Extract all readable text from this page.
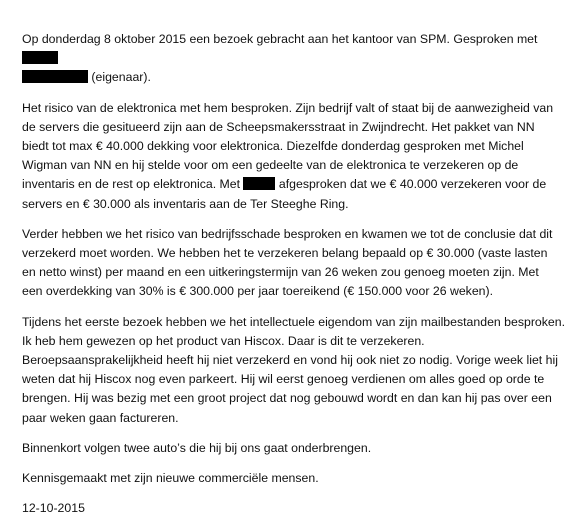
Op donderdag 8 oktober 2015 een bezoek gebracht aan het kantoor van SPM. Gesproken met
(eigenaar).

Het risico van de elektronica met hem besproken. Zijn bedrijf valt of staat bij de aanwezigheid van de servers die gesitueerd zijn aan de Scheepsmakersstraat in Zwijndrecht. Het pakket van NN biedt tot max € 40.000 dekking voor elektronica. Diezelfde donderdag gesproken met Michel Wigman van NN en hij stelde voor om een gedeelte van de elektronica te verzekeren op de inventaris en de rest op elektronica. Met	afgesproken dat we € 40.000 verzekeren voor de servers en € 30.000 als inventaris aan de Ter Steeghe Ring.

Verder hebben we het risico van bedrijfsschade besproken en kwamen we tot de conclusie dat dit verzekerd moet worden. We hebben het te verzekeren belang bepaald op € 30.000 (vaste lasten en netto winst) per maand en een uitkeringstermijn van 26 weken zou genoeg moeten zijn. Met een overdekking van 30% is € 300.000 per jaar toereikend (€ 150.000 voor 26 weken).

Tijdens het eerste bezoek hebben we het intellectuele eigendom van zijn mailbestanden besproken. Ik heb hem gewezen op het product van Hiscox. Daar is dit te verzekeren. Beroepsaansprakelijkheid heeft hij niet verzekerd en vond hij ook niet zo nodig. Vorige week liet hij weten dat hij Hiscox nog even parkeert. Hij wil eerst genoeg verdienen om alles goed op orde te brengen. Hij was bezig met een groot project dat nog gebouwd wordt en dan kan hij pas over een paar weken gaan factureren.

Binnenkort volgen twee auto’s die hij bij ons gaat onderbrengen.

Kennisgemaakt met zijn nieuwe commerciële mensen.

12-10-2015
